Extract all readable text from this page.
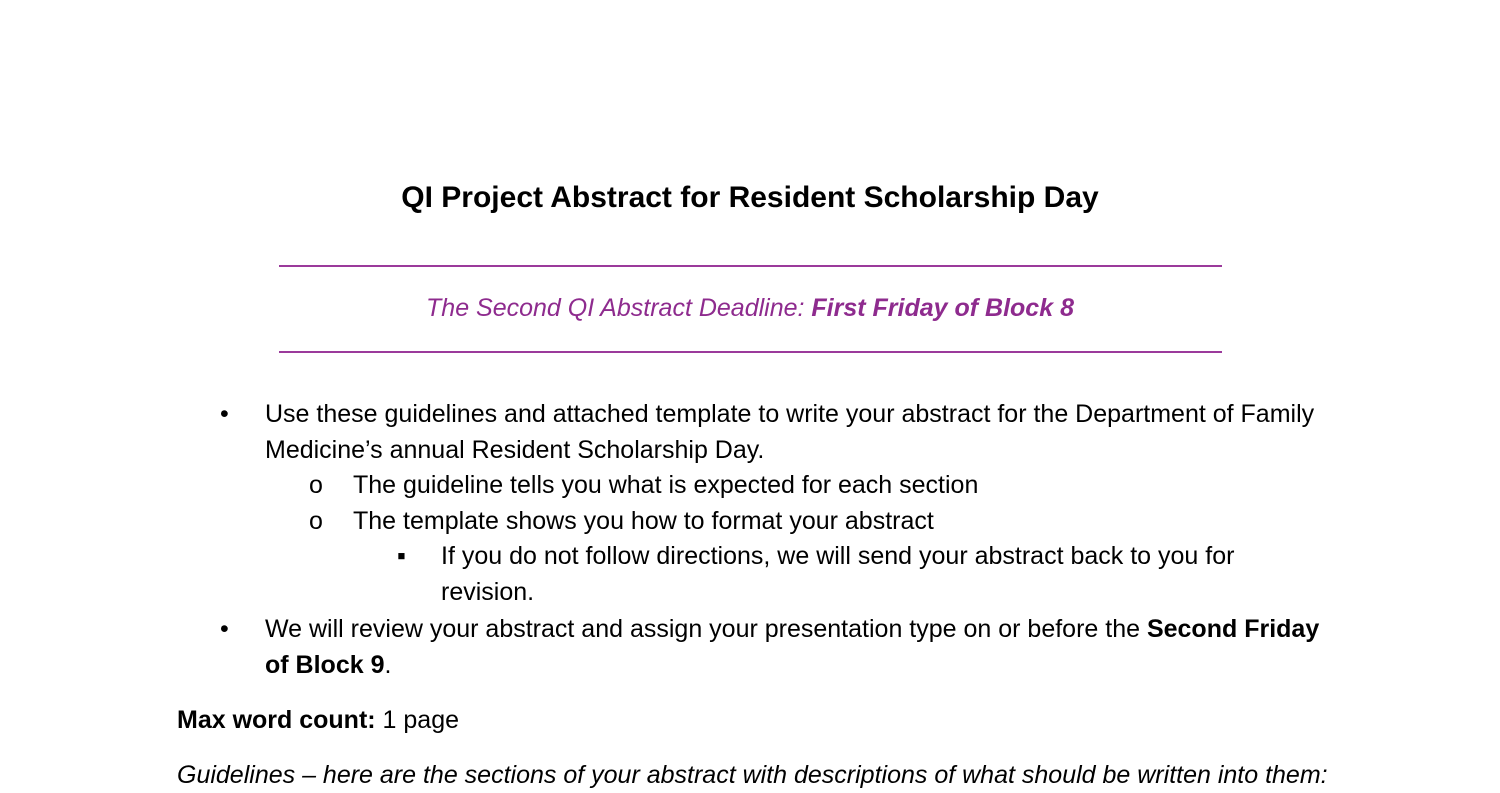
QI Project Abstract for Resident Scholarship Day
The Second QI Abstract Deadline: First Friday of Block 8
• Use these guidelines and attached template to write your abstract for the Department of Family Medicine’s annual Resident Scholarship Day.
o The guideline tells you what is expected for each section
o The template shows you how to format your abstract
▪ If you do not follow directions, we will send your abstract back to you for revision.
• We will review your abstract and assign your presentation type on or before the Second Friday of Block 9.
Max word count: 1 page
Guidelines – here are the sections of your abstract with descriptions of what should be written into them:
